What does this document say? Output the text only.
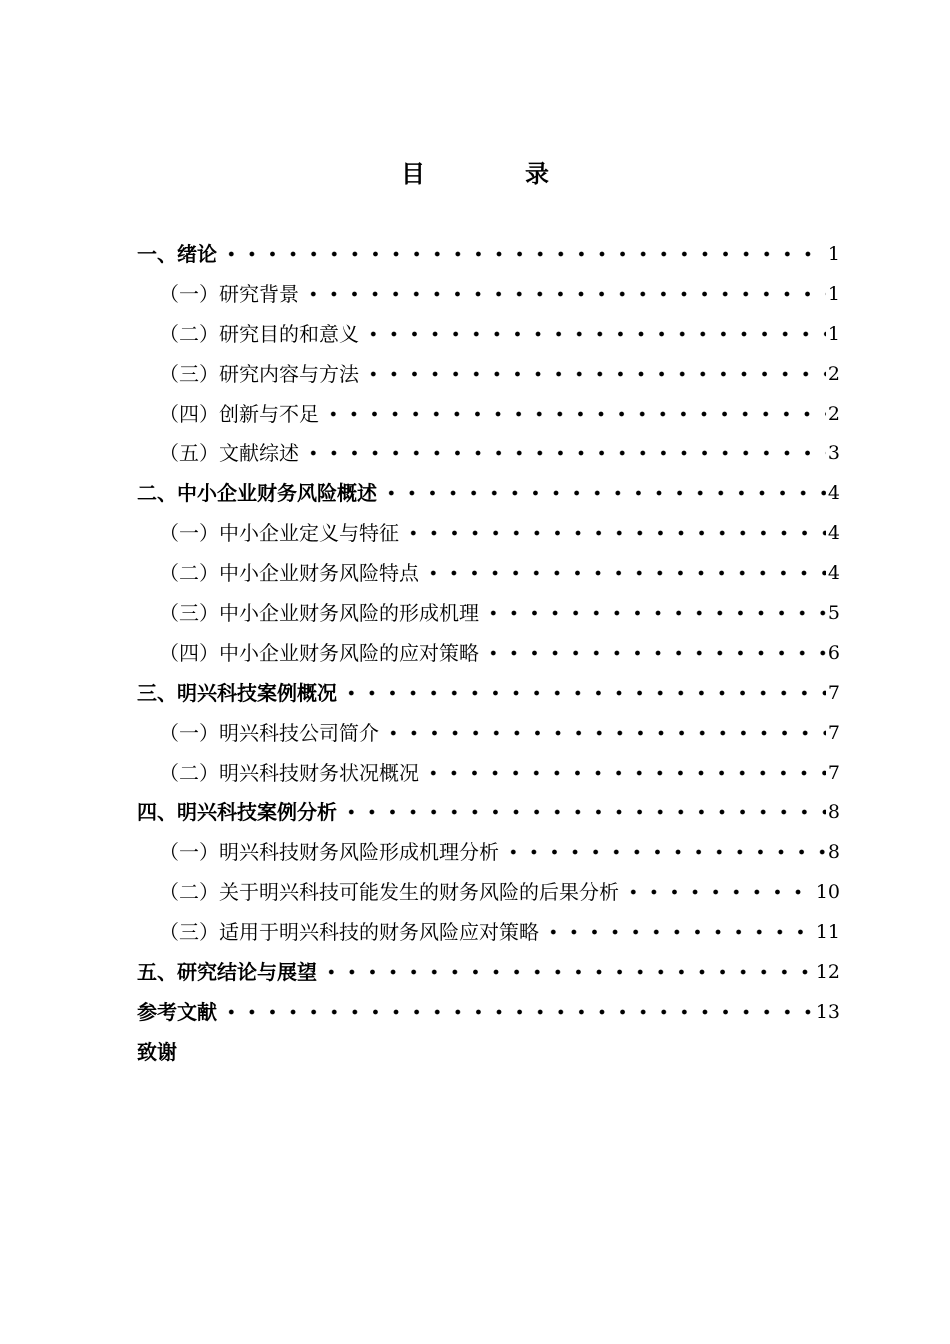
目	录
一、绪论	1
（一）研究背景	1
（二）研究目的和意义	1
（三）研究内容与方法	2
（四）创新与不足	2
（五）文献综述	3
二、中小企业财务风险概述	4
（一）中小企业定义与特征	4
（二）中小企业财务风险特点	4
（三）中小企业财务风险的形成机理	5
（四）中小企业财务风险的应对策略	6
三、明兴科技案例概况	7
（一）明兴科技公司简介	7
（二）明兴科技财务状况概况	7
四、明兴科技案例分析	8
（一）明兴科技财务风险形成机理分析	8
（二）关于明兴科技可能发生的财务风险的后果分析	10
（三）适用于明兴科技的财务风险应对策略	11
五、研究结论与展望	12
参考文献	13
致谢
